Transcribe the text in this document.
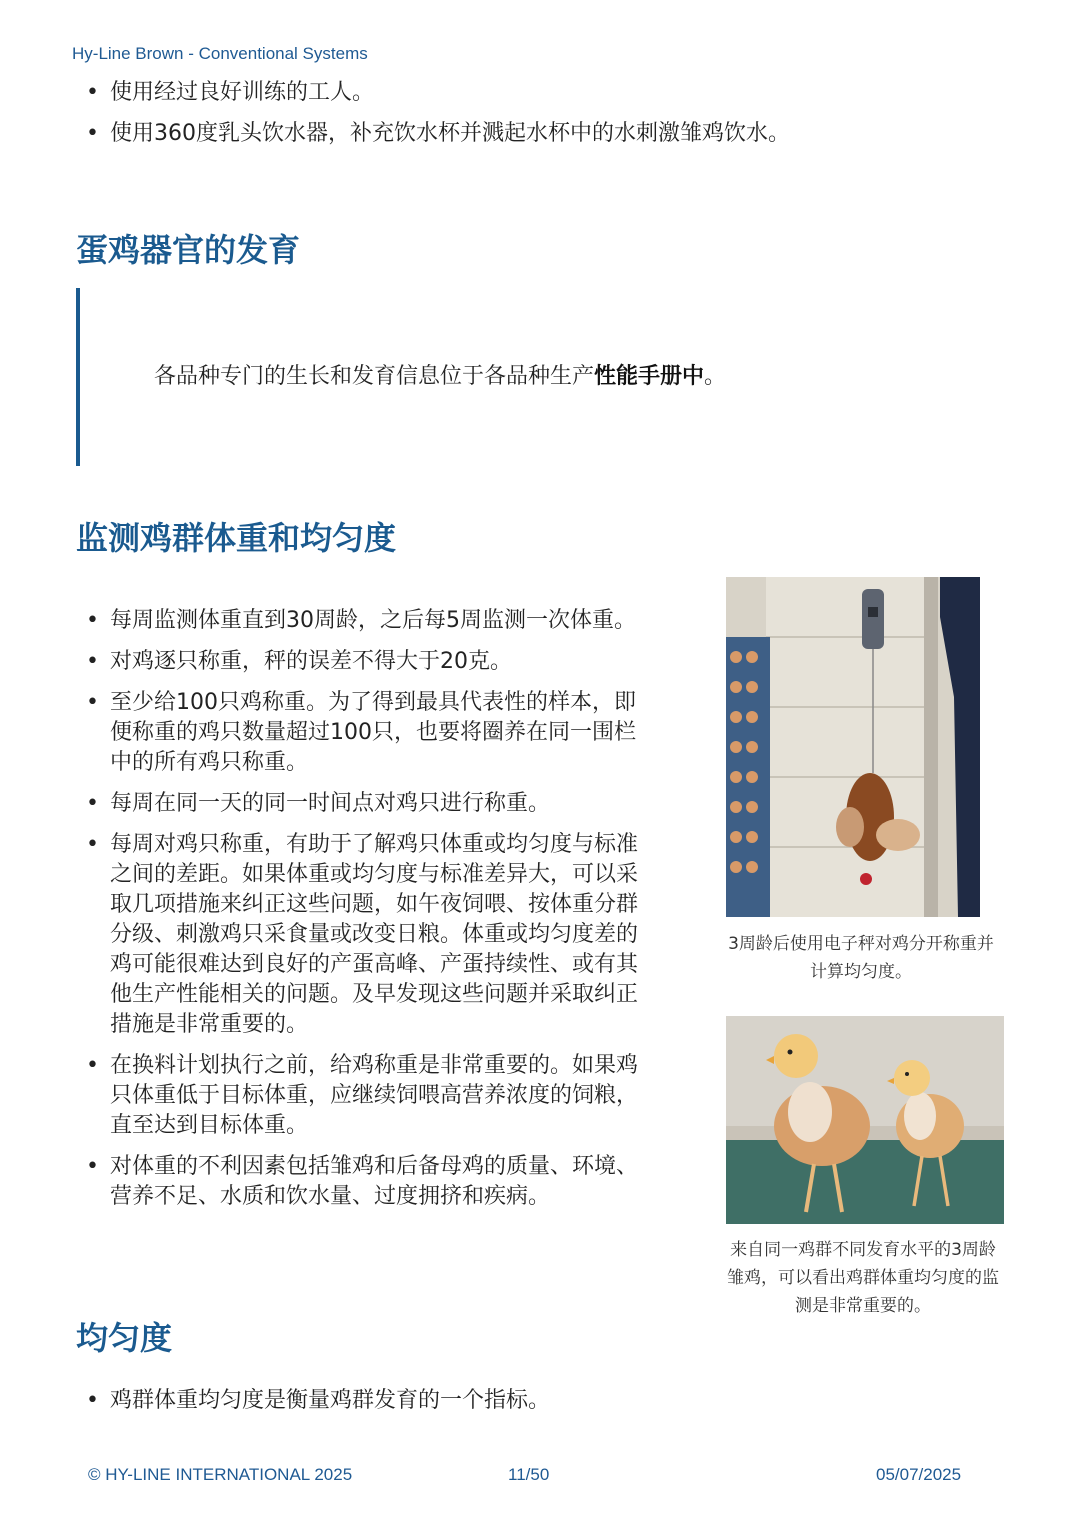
Hy-Line Brown - Conventional Systems
• 使用经过良好训练的工人。
• 使用360度乳头饮水器，补充饮水杯并溅起水杯中的水刺激雏鸡饮水。
蛋鸡器官的发育
各品种专门的生长和发育信息位于各品种生产性能手册中。
监测鸡群体重和均匀度
• 每周监测体重直到30周龄，之后每5周监测一次体重。
• 对鸡逐只称重，秤的误差不得大于20克。
• 至少给100只鸡称重。为了得到最具代表性的样本，即便称重的鸡只数量超过100只，也要将圈养在同一围栏中的所有鸡只称重。
• 每周在同一天的同一时间点对鸡只进行称重。
• 每周对鸡只称重，有助于了解鸡只体重或均匀度与标准之间的差距。如果体重或均匀度与标准差异大，可以采取几项措施来纠正这些问题，如午夜饲喂、按体重分群分级、刺激鸡只采食量或改变日粮。体重或均匀度差的鸡可能很难达到良好的产蛋高峰、产蛋持续性、或有其他生产性能相关的问题。及早发现这些问题并采取纠正措施是非常重要的。
• 在换料计划执行之前，给鸡称重是非常重要的。如果鸡只体重低于目标体重，应继续饲喂高营养浓度的饲粮，直至达到目标体重。
• 对体重的不利因素包括雏鸡和后备母鸡的质量、环境、营养不足、水质和饮水量、过度拥挤和疾病。
均匀度
• 鸡群体重均匀度是衡量鸡群发育的一个指标。
3周龄后使用电子秤对鸡分开称重并计算均匀度。
来自同一鸡群不同发育水平的3周龄雏鸡，可以看出鸡群体重均匀度的监测是非常重要的。
© HY-LINE INTERNATIONAL 2025	11/50	05/07/2025
